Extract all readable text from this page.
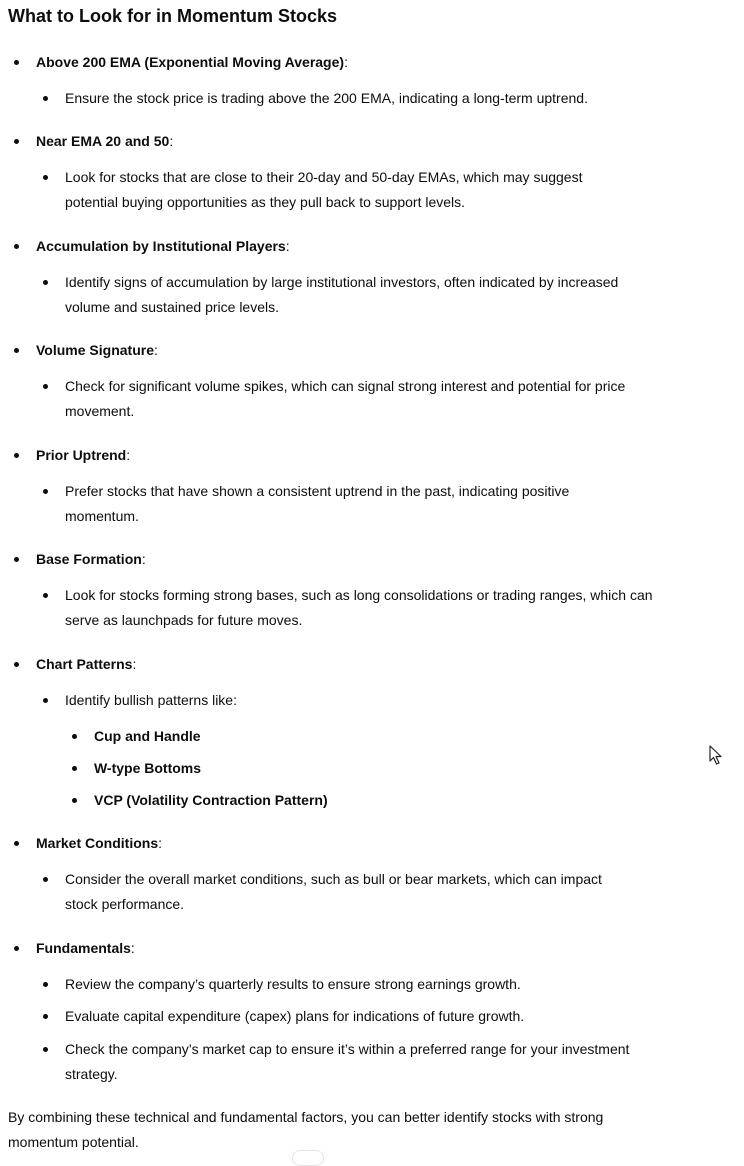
What to Look for in Momentum Stocks
Above 200 EMA (Exponential Moving Average):
Ensure the stock price is trading above the 200 EMA, indicating a long-term uptrend.
Near EMA 20 and 50:
Look for stocks that are close to their 20-day and 50-day EMAs, which may suggest potential buying opportunities as they pull back to support levels.
Accumulation by Institutional Players:
Identify signs of accumulation by large institutional investors, often indicated by increased volume and sustained price levels.
Volume Signature:
Check for significant volume spikes, which can signal strong interest and potential for price movement.
Prior Uptrend:
Prefer stocks that have shown a consistent uptrend in the past, indicating positive momentum.
Base Formation:
Look for stocks forming strong bases, such as long consolidations or trading ranges, which can serve as launchpads for future moves.
Chart Patterns:
Identify bullish patterns like:
Cup and Handle
W-type Bottoms
VCP (Volatility Contraction Pattern)
Market Conditions:
Consider the overall market conditions, such as bull or bear markets, which can impact stock performance.
Fundamentals:
Review the company’s quarterly results to ensure strong earnings growth.
Evaluate capital expenditure (capex) plans for indications of future growth.
Check the company’s market cap to ensure it’s within a preferred range for your investment strategy.

By combining these technical and fundamental factors, you can better identify stocks with strong momentum potential.
